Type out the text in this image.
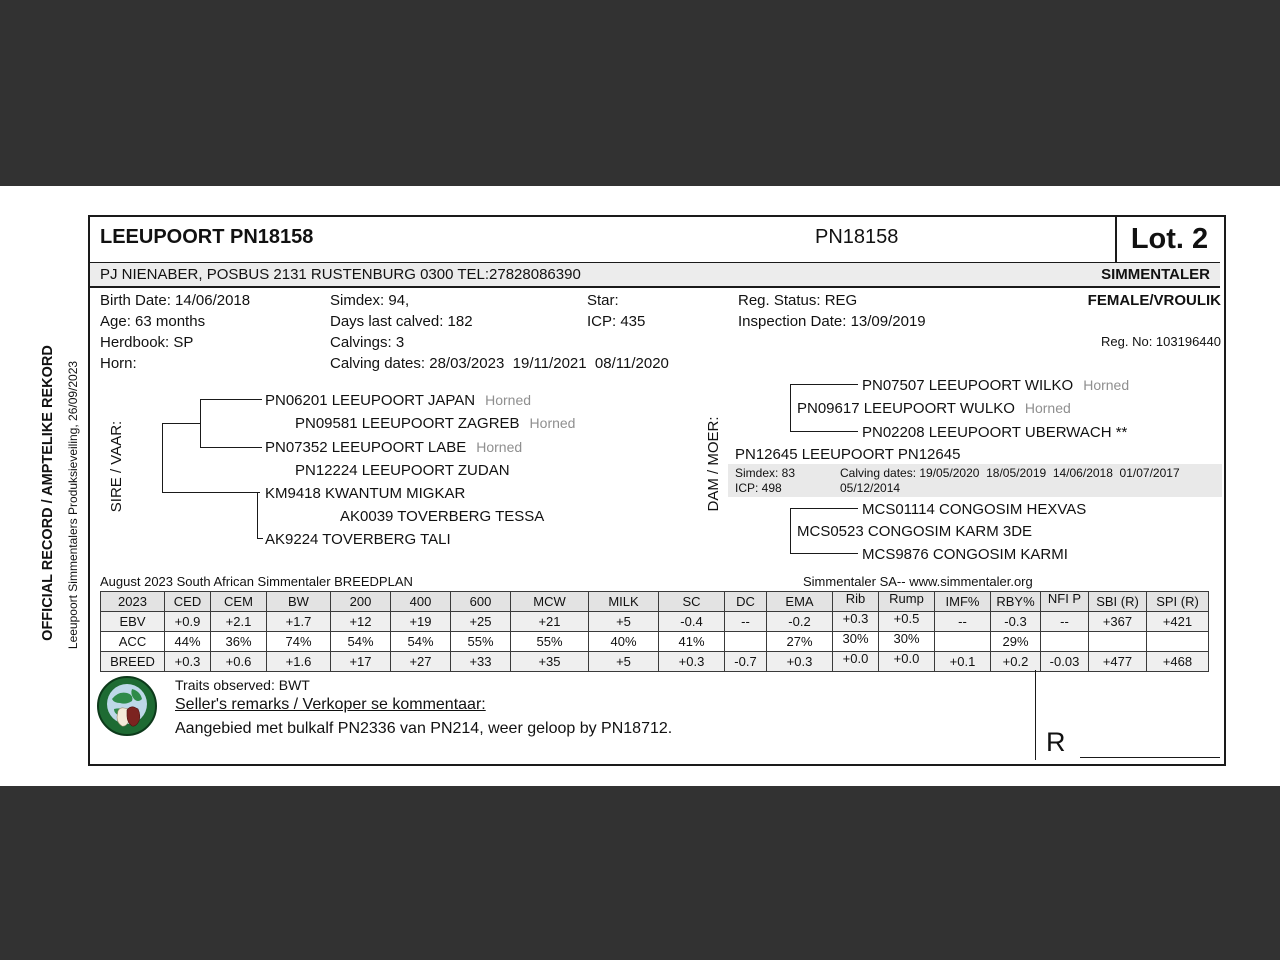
OFFICIAL RECORD / AMPTELIKE REKORD Leeupoort Simmentalers Produksieveiling, 26/09/2023
LEEUPOORT PN18158	PN18158	Lot. 2
PJ NIENABER, POSBUS 2131 RUSTENBURG 0300 TEL:27828086390	SIMMENTALER
Birth Date: 14/06/2018	Simdex: 94,	Star:	Reg. Status: REG	FEMALE/VROULIK
Age: 63 months	Days last calved: 182	ICP: 435	Inspection Date: 13/09/2019
Herdbook: SP	Calvings: 3	Reg. No: 103196440
Horn:	Calving dates: 28/03/2023  19/11/2021  08/11/2020
SIRE / VAAR:	DAM / MOER:
PN06201 LEEUPOORT JAPAN Horned
PN09581 LEEUPOORT ZAGREB Horned
PN07352 LEEUPOORT LABE Horned
PN12224 LEEUPOORT ZUDAN
KM9418 KWANTUM MIGKAR
AK0039 TOVERBERG TESSA
AK9224 TOVERBERG TALI
PN07507 LEEUPOORT WILKO Horned
PN09617 LEEUPOORT WULKO Horned
PN02208 LEEUPOORT UBERWACH **
PN12645 LEEUPOORT PN12645
Simdex: 83	Calving dates: 19/05/2020  18/05/2019  14/06/2018  01/07/2017
ICP: 498	05/12/2014
MCS01114 CONGOSIM HEXVAS
MCS0523 CONGOSIM KARM 3DE
MCS9876 CONGOSIM KARMI
August 2023 South African Simmentaler BREEDPLAN	Simmentaler SA-- www.simmentaler.org
2023	CED	CEM	BW	200	400	600	MCW	MILK	SC	DC	EMA	Rib	Rump	IMF%	RBY%	NFI P	SBI (R)	SPI (R)
EBV	+0.9	+2.1	+1.7	+12	+19	+25	+21	+5	-0.4	--	-0.2	+0.3	+0.5	--	-0.3	--	+367	+421
ACC	44%	36%	74%	54%	54%	55%	55%	40%	41%		27%	30%	30%		29%			
BREED	+0.3	+0.6	+1.6	+17	+27	+33	+35	+5	+0.3	-0.7	+0.3	+0.0	+0.0	+0.1	+0.2	-0.03	+477	+468
Traits observed: BWT
Seller's remarks / Verkoper se kommentaar:
Aangebied met bulkalf PN2336 van PN214, weer geloop by PN18712.	R
